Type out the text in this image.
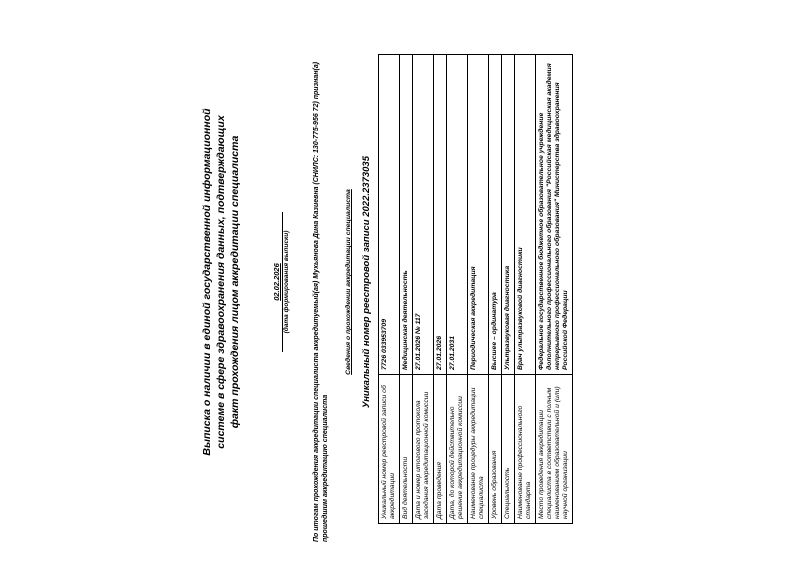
Выписка о наличии в единой государственной информационной системе в сфере здравоохранения данных, подтверждающих факт прохождения лицом аккредитации специалиста	02.02.2026 (дата формирования выписки)	По итогам прохождения аккредитации специалиста аккредитуемый(ая) Мухьянова Дина Казиевна (СНИЛС: 130-775-956 72) признан(а) прошедшим аккредитацию специалиста
Сведения о прохождении аккредитации специалиста Уникальный номер реестровой записи 2022.2373035
Уникальный номер реестровой записи об аккредитации	7726 033953709
Вид деятельности	Медицинская деятельность
Дата и номер итогового протокола заседания аккредитационной комиссии	27.01.2026 № 117
Дата проведения	27.01.2026
Дата, до которой действительно решение аккредитационной комиссии	27.01.2031
Наименование процедуры аккредитации специалиста	Периодическая аккредитация
Уровень образования	Высшее – ординатура
Специальность	Ультразвуковая диагностика
Наименование профессионального стандарта	Врач ультразвуковой диагностики
Место проведения аккредитации специалиста в соответствии с полным наименованием образовательной и (или) научной организации	Федеральное государственное бюджетное образовательное учреждение дополнительного профессионального образования "Российская медицинская академия непрерывного профессионального образования" Министерства здравоохранения Российской Федерации
